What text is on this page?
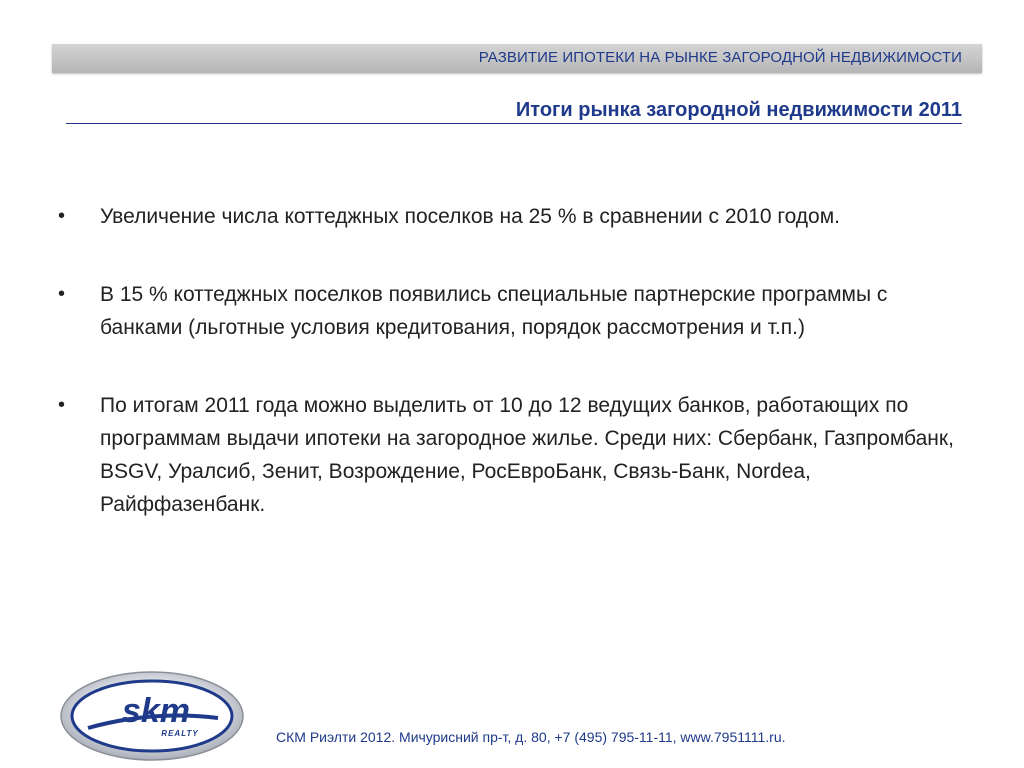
РАЗВИТИЕ ИПОТЕКИ НА РЫНКЕ ЗАГОРОДНОЙ НЕДВИЖИМОСТИ
Итоги рынка загородной недвижимости 2011
• Увеличение числа коттеджных поселков на 25 % в сравнении с 2010 годом.
• В 15 % коттеджных поселков появились специальные партнерские программы с банками (льготные условия кредитования, порядок рассмотрения и т.п.)
• По итогам 2011 года можно выделить от 10 до 12 ведущих банков, работающих по программам выдачи ипотеки на загородное жилье. Среди них: Сбербанк, Газпромбанк, BSGV, Уралсиб, Зенит, Возрождение, РосЕвроБанк, Связь-Банк, Nordea, Райффазенбанк.
skm
REALTY	СКМ Риэлти 2012. Мичурисний пр-т, д. 80, +7 (495) 795-11-11, www.7951111.ru.
